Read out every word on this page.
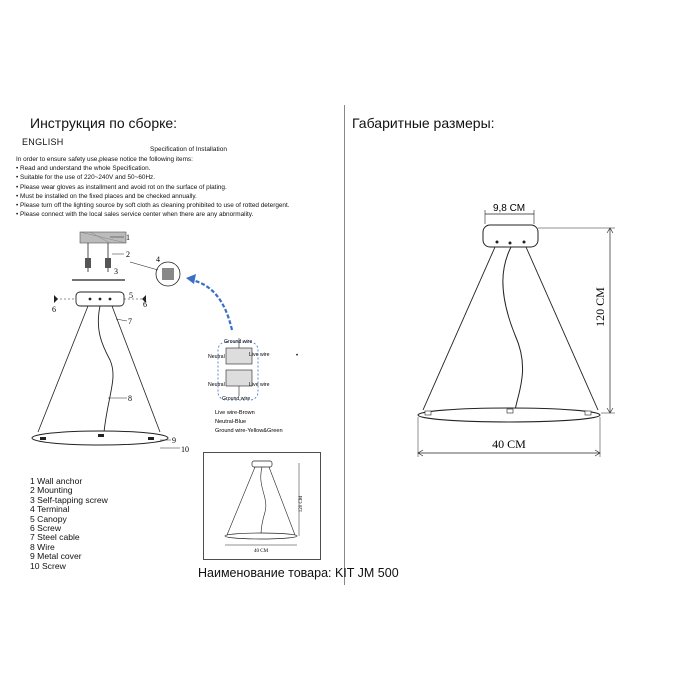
Инструкция по сборке:	Габаритные размеры:
ENGLISH
Specification of Installation
In order to ensure safety use,please notice the following items:
• Read and understand the whole Specification.
• Suitable for the use of 220~240V and 50~60Hz.
• Please wear gloves as installment and avoid rot on the surface of plating.
• Must be installed on the fixed places and be checked annually.
• Please turn off the lighting source by soft cloth as cleaning prohibited to use of rotted detergent.
• Please connect with the local sales service center when there are any abnormality.
1
2
3
4
5
6
6
7
8
9
10
Ground wire
Neutral	Live wire
Neutral	Live wire
Ground wire
•
Live wire-Brown
Neutral-Blue
Ground wire-Yellow&Green
1 Wall anchor
2 Mounting
3 Self-tapping screw
4 Terminal
5 Canopy
6 Screw
7 Steel cable
8 Wire
9 Metal cover
10 Screw
120 CM
40 CM
9,8 СМ
120 СМ
40 СМ
Наименование товара: KIT JM 500
